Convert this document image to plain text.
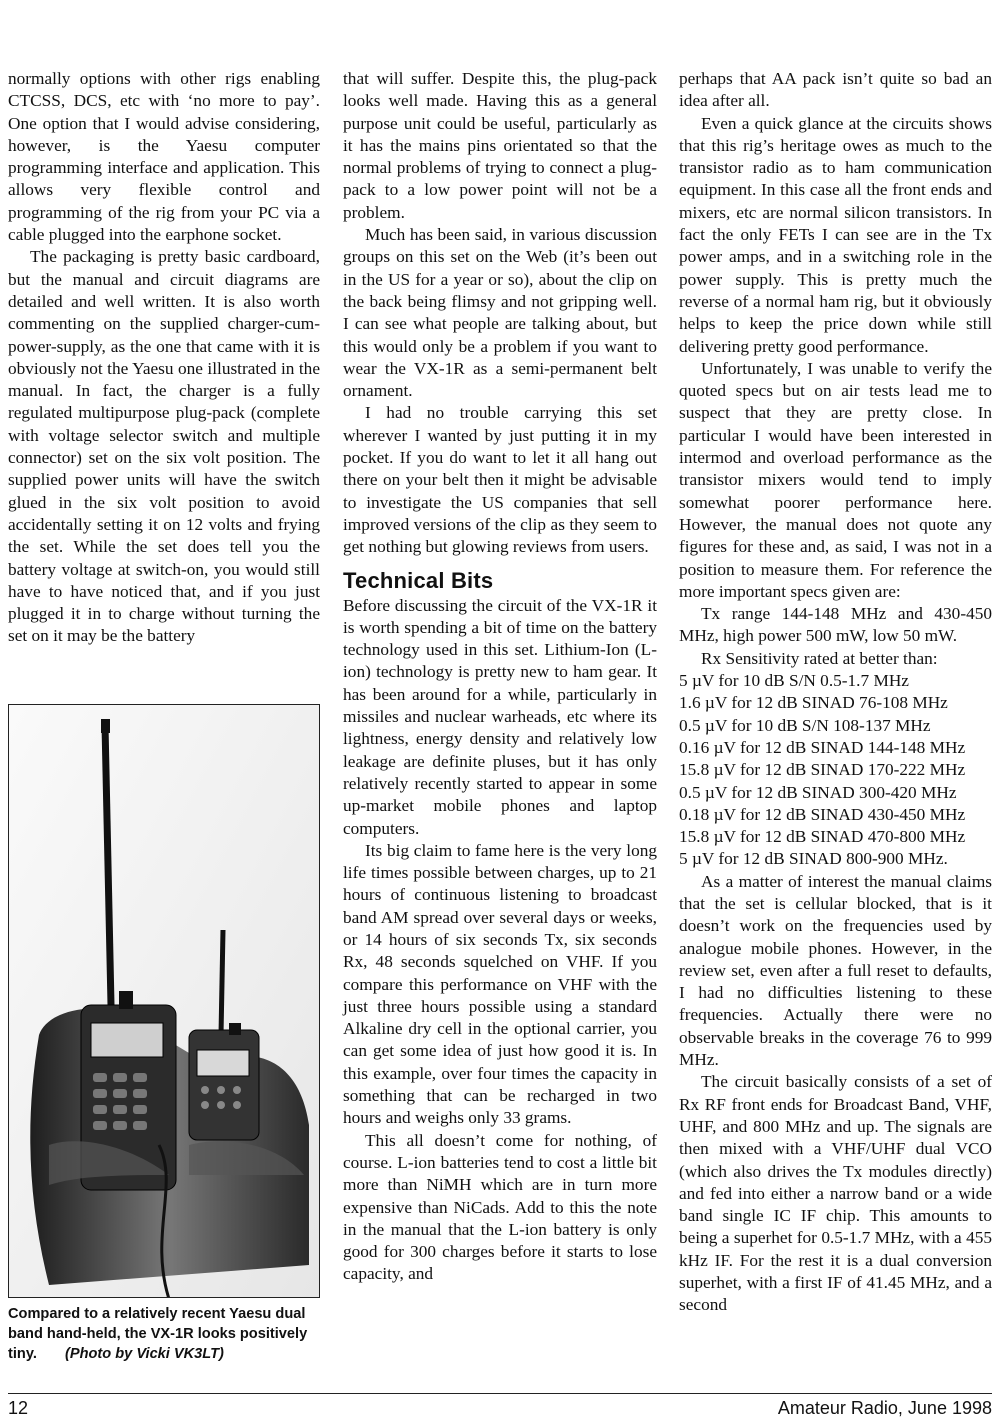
normally options with other rigs enabling CTCSS, DCS, etc with ‘no more to pay’. One option that I would advise considering, however, is the Yaesu computer programming interface and application. This allows very flexible control and programming of the rig from your PC via a cable plugged into the earphone socket.

The packaging is pretty basic cardboard, but the manual and circuit diagrams are detailed and well written. It is also worth commenting on the supplied charger-cum-power-supply, as the one that came with it is obviously not the Yaesu one illustrated in the manual. In fact, the charger is a fully regulated multipurpose plug-pack (complete with voltage selector switch and multiple connector) set on the six volt position. The supplied power units will have the switch glued in the six volt position to avoid accidentally setting it on 12 volts and frying the set. While the set does tell you the battery voltage at switch-on, you would still have to have noticed that, and if you just plugged it in to charge without turning the set on it may be the battery

Compared to a relatively recent Yaesu dual band hand-held, the VX-1R looks positively tiny. (Photo by Vicki VK3LT)

that will suffer. Despite this, the plug-pack looks well made. Having this as a general purpose unit could be useful, particularly as it has the mains pins orientated so that the normal problems of trying to connect a plug-pack to a low power point will not be a problem.

Much has been said, in various discussion groups on this set on the Web (it’s been out in the US for a year or so), about the clip on the back being flimsy and not gripping well. I can see what people are talking about, but this would only be a problem if you want to wear the VX-1R as a semi-permanent belt ornament.

I had no trouble carrying this set wherever I wanted by just putting it in my pocket. If you do want to let it all hang out there on your belt then it might be advisable to investigate the US companies that sell improved versions of the clip as they seem to get nothing but glowing reviews from users.

Technical Bits

Before discussing the circuit of the VX-1R it is worth spending a bit of time on the battery technology used in this set. Lithium-Ion (L-ion) technology is pretty new to ham gear. It has been around for a while, particularly in missiles and nuclear warheads, etc where its lightness, energy density and relatively low leakage are definite pluses, but it has only relatively recently started to appear in some up-market mobile phones and laptop computers.

Its big claim to fame here is the very long life times possible between charges, up to 21 hours of continuous listening to broadcast band AM spread over several days or weeks, or 14 hours of six seconds Tx, six seconds Rx, 48 seconds squelched on VHF. If you compare this performance on VHF with the just three hours possible using a standard Alkaline dry cell in the optional carrier, you can get some idea of just how good it is. In this example, over four times the capacity in something that can be recharged in two hours and weighs only 33 grams.

This all doesn’t come for nothing, of course. L-ion batteries tend to cost a little bit more than NiMH which are in turn more expensive than NiCads. Add to this the note in the manual that the L-ion battery is only good for 300 charges before it starts to lose capacity, and

perhaps that AA pack isn’t quite so bad an idea after all.

Even a quick glance at the circuits shows that this rig’s heritage owes as much to the transistor radio as to ham communication equipment. In this case all the front ends and mixers, etc are normal silicon transistors. In fact the only FETs I can see are in the Tx power amps, and in a switching role in the power supply. This is pretty much the reverse of a normal ham rig, but it obviously helps to keep the price down while still delivering pretty good performance.

Unfortunately, I was unable to verify the quoted specs but on air tests lead me to suspect that they are pretty close. In particular I would have been interested in intermod and overload performance as the transistor mixers would tend to imply somewhat poorer performance here. However, the manual does not quote any figures for these and, as said, I was not in a position to measure them. For reference the more important specs given are:

Tx range 144-148 MHz and 430-450 MHz, high power 500 mW, low 50 mW.

Rx Sensitivity rated at better than:

5 µV for 10 dB S/N 0.5-1.7 MHz

1.6 µV for 12 dB SINAD 76-108 MHz

0.5 µV for 10 dB S/N 108-137 MHz

0.16 µV for 12 dB SINAD 144-148 MHz

15.8 µV for 12 dB SINAD 170-222 MHz

0.5 µV for 12 dB SINAD 300-420 MHz

0.18 µV for 12 dB SINAD 430-450 MHz

15.8 µV for 12 dB SINAD 470-800 MHz

5 µV for 12 dB SINAD 800-900 MHz.

As a matter of interest the manual claims that the set is cellular blocked, that is it doesn’t work on the frequencies used by analogue mobile phones. However, in the review set, even after a full reset to defaults, I had no difficulties listening to these frequencies. Actually there were no observable breaks in the coverage 76 to 999 MHz.

The circuit basically consists of a set of Rx RF front ends for Broadcast Band, VHF, UHF, and 800 MHz and up. The signals are then mixed with a VHF/UHF dual VCO (which also drives the Tx modules directly) and fed into either a narrow band or a wide band single IC IF chip. This amounts to being a superhet for 0.5-1.7 MHz, with a 455 kHz IF. For the rest it is a dual conversion superhet, with a first IF of 41.45 MHz, and a second

12	Amateur Radio, June 1998
